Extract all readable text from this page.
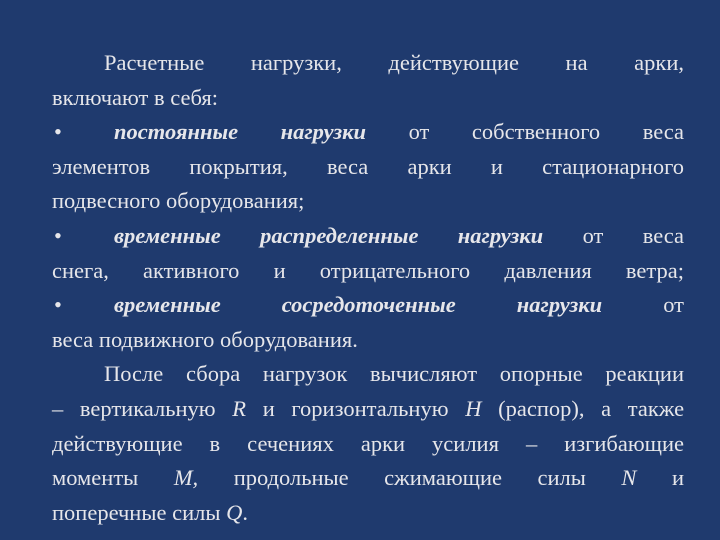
Расчетные нагрузки, действующие на арки,
включают в себя:
•	постоянные нагрузки от собственного веса
элементов покрытия, веса арки и стационарного
подвесного оборудования;
•	временные распределенные нагрузки от веса
снега, активного и отрицательного давления ветра;
•	временные сосредоточенные нагрузки	от
веса подвижного оборудования.
После сбора нагрузок вычисляют опорные реакции
– вертикальную R и горизонтальную H (распор), а также
действующие в сечениях арки усилия – изгибающие
моменты M, продольные сжимающие силы N и
поперечные силы Q.
